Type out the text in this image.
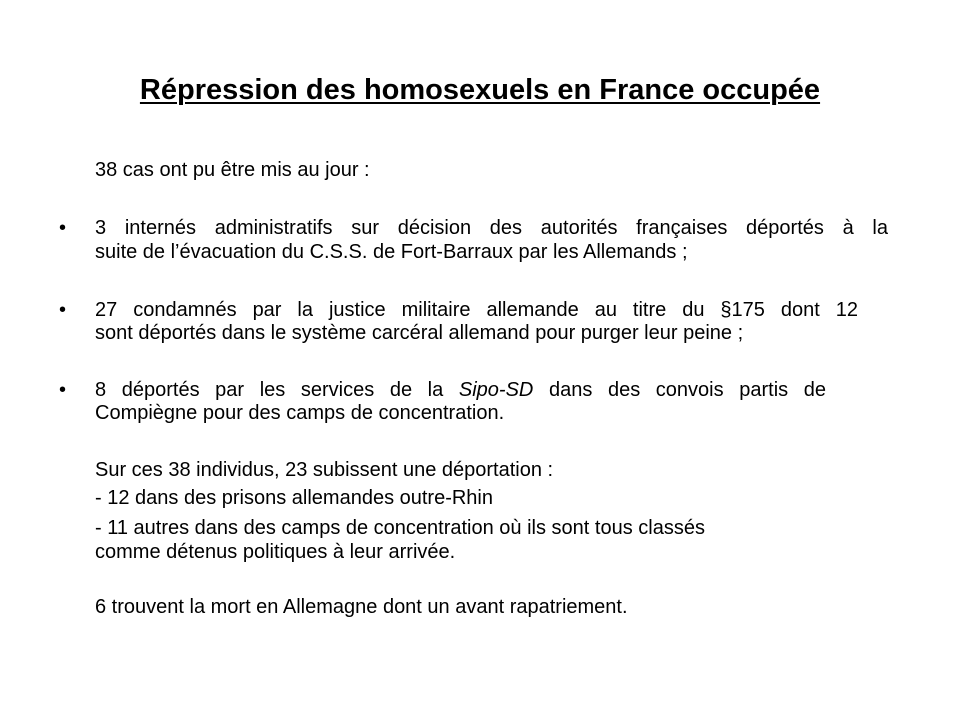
Répression des homosexuels en France occupée
38 cas ont pu être mis au jour :
• 3 internés administratifs sur décision des autorités françaises déportés à la
suite de l’évacuation du C.S.S. de Fort-Barraux par les Allemands ;
• 27 condamnés par la justice militaire allemande au titre du §175 dont 12
sont déportés dans le système carcéral allemand pour purger leur peine ;
• 8 déportés par les services de la Sipo-SD dans des convois partis de
Compiègne pour des camps de concentration.
Sur ces 38 individus, 23 subissent une déportation :
- 12 dans des prisons allemandes outre-Rhin
- 11 autres dans des camps de concentration où ils sont tous classés
comme détenus politiques à leur arrivée.
6 trouvent la mort en Allemagne dont un avant rapatriement.
